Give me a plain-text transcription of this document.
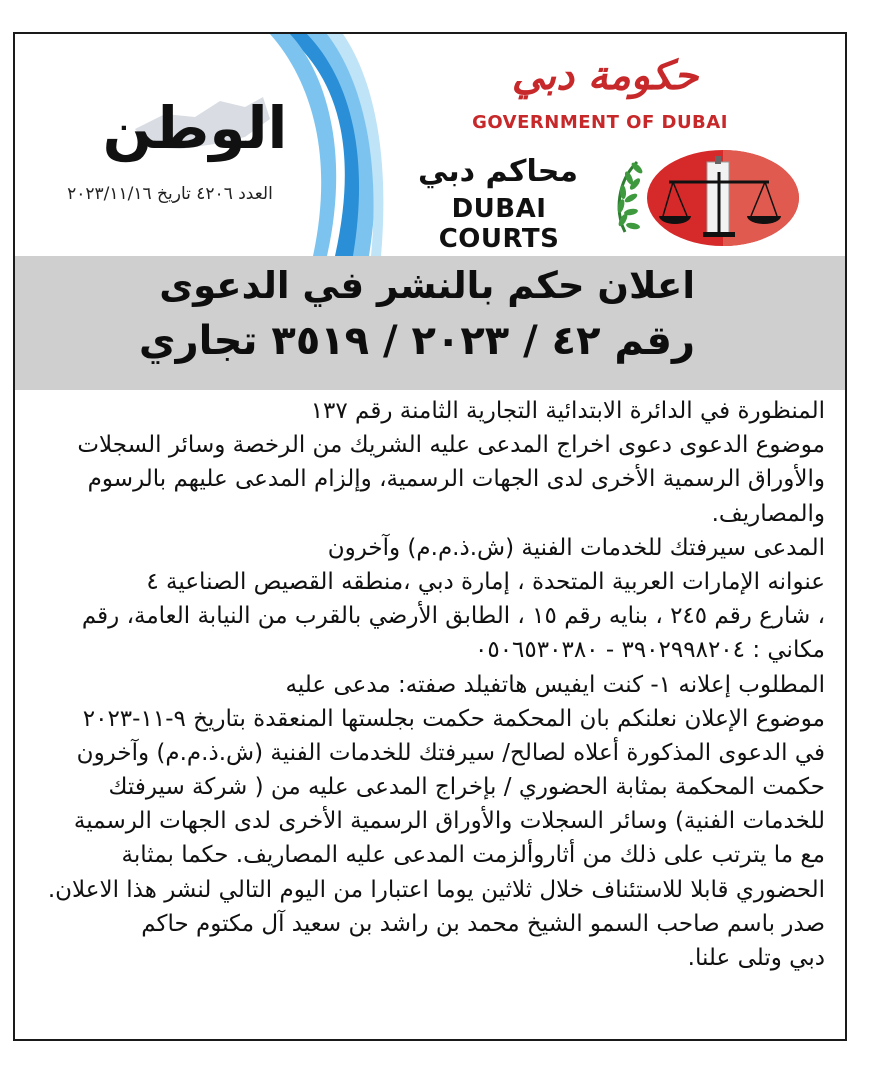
الوطن
العدد ٤٢٠٦ تاريخ ٢٠٢٣/١١/١٦
حكومة دبي
GOVERNMENT OF DUBAI
محاكم دبي
DUBAI COURTS
اعلان حكم بالنشر في الدعوى
رقم ٤٢ / ٢٠٢٣ / ٣٥١٩ تجاري
المنظورة في الدائرة الابتدائية التجارية الثامنة رقم ١٣٧
موضوع الدعوى دعوى اخراج المدعى عليه الشريك من الرخصة وسائر السجلات
والأوراق الرسمية الأخرى لدى الجهات الرسمية، وإلزام المدعى عليهم بالرسوم
والمصاريف.
المدعى سيرفتك للخدمات الفنية (ش.ذ.م.م) وآخرون
عنوانه الإمارات العربية المتحدة ، إمارة دبي ،منطقه القصيص الصناعية ٤
، شارع رقم ٢٤٥ ، بنايه رقم ١٥ ، الطابق الأرضي بالقرب من النيابة العامة، رقم
مكاني : ٣٩٠٢٩٩٨٢٠٤ - ٠٥٠٦٥٣٠٣٨٠
المطلوب إعلانه ١- كنت ايفيس هاتفيلد صفته: مدعى عليه
موضوع الإعلان نعلنكم بان المحكمة حكمت بجلستها المنعقدة بتاريخ ٩-١١-٢٠٢٣
في الدعوى المذكورة أعلاه لصالح/ سيرفتك للخدمات الفنية (ش.ذ.م.م) وآخرون
حكمت المحكمة بمثابة الحضوري / بإخراج المدعى عليه من ( شركة سيرفتك
للخدمات الفنية) وسائر السجلات والأوراق الرسمية الأخرى لدى الجهات الرسمية
مع ما يترتب على ذلك من أثاروألزمت المدعى عليه المصاريف. حكما بمثابة
الحضوري قابلا للاستئناف خلال ثلاثين يوما اعتبارا من اليوم التالي لنشر هذا الاعلان.
صدر باسم صاحب السمو الشيخ محمد بن راشد بن سعيد آل مكتوم حاكم
دبي وتلى علنا.
